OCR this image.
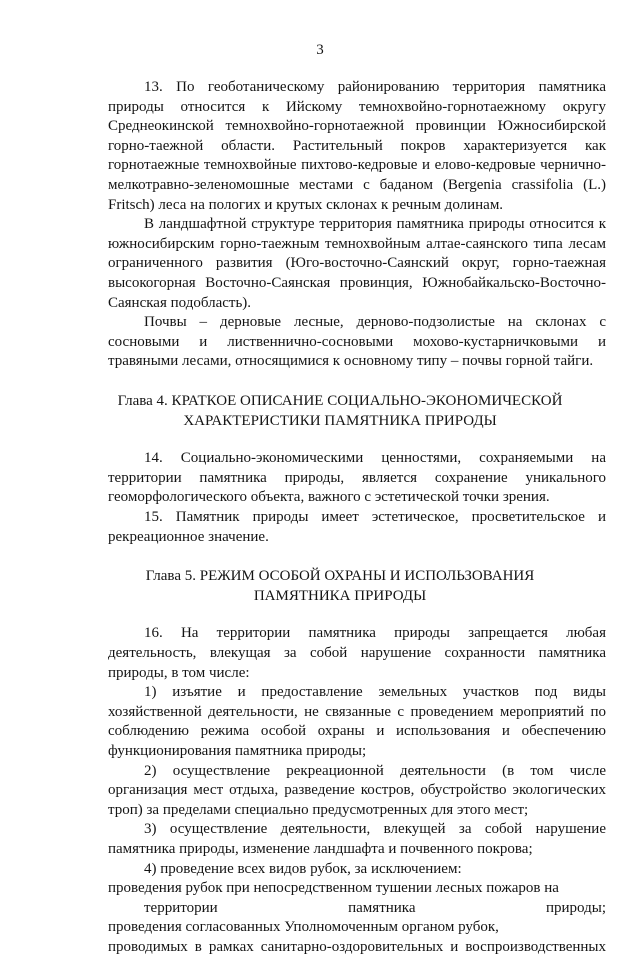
3
13. По геоботаническому районированию территория памятника
природы относится к Ийскому темнохвойно-горнотаежному округу
Среднеокинской темнохвойно-горнотаежной провинции Южносибирской
горно-таежной области. Растительный покров характеризуется как
горнотаежные темнохвойные пихтово-кедровые и елово-кедровые чернично-
мелкотравно-зеленомошные местами с баданом (Bergenia crassifolia (L.)
Fritsch) леса на пологих и крутых склонах к речным долинам.
В ландшафтной структуре территория памятника природы относится к
южносибирским горно-таежным темнохвойным алтае-саянского типа лесам
ограниченного развития (Юго-восточно-Саянский округ, горно-таежная
высокогорная Восточно-Саянская провинция, Южнобайкальско-Восточно-
Саянская подобласть).
Почвы – дерновые лесные, дерново-подзолистые на склонах с
сосновыми и лиственнично-сосновыми мохово-кустарничковыми и
травяными лесами, относящимися к основному типу – почвы горной тайги.
Глава 4. КРАТКОЕ ОПИСАНИЕ СОЦИАЛЬНО-ЭКОНОМИЧЕСКОЙ
ХАРАКТЕРИСТИКИ ПАМЯТНИКА ПРИРОДЫ
14. Социально-экономическими ценностями, сохраняемыми на
территории памятника природы, является сохранение уникального
геоморфологического объекта, важного с эстетической точки зрения.
15. Памятник природы имеет эстетическое, просветительское и
рекреационное значение.
Глава 5. РЕЖИМ ОСОБОЙ ОХРАНЫ И ИСПОЛЬЗОВАНИЯ
ПАМЯТНИКА ПРИРОДЫ
16. На территории памятника природы запрещается любая
деятельность, влекущая за собой нарушение сохранности памятника
природы, в том числе:
1) изъятие и предоставление земельных участков под виды
хозяйственной деятельности, не связанные с проведением мероприятий по
соблюдению режима особой охраны и использования и обеспечению
функционирования памятника природы;
2) осуществление рекреационной деятельности (в том числе
организация мест отдыха, разведение костров, обустройство экологических
троп) за пределами специально предусмотренных для этого мест;
3) осуществление деятельности, влекущей за собой нарушение
памятника природы, изменение ландшафта и почвенного покрова;
4) проведение всех видов рубок, за исключением:
проведения рубок при непосредственном тушении лесных пожаров на
территории памятника природы;
проведения согласованных Уполномоченным органом рубок,
проводимых в рамках санитарно-оздоровительных и воспроизводственных
